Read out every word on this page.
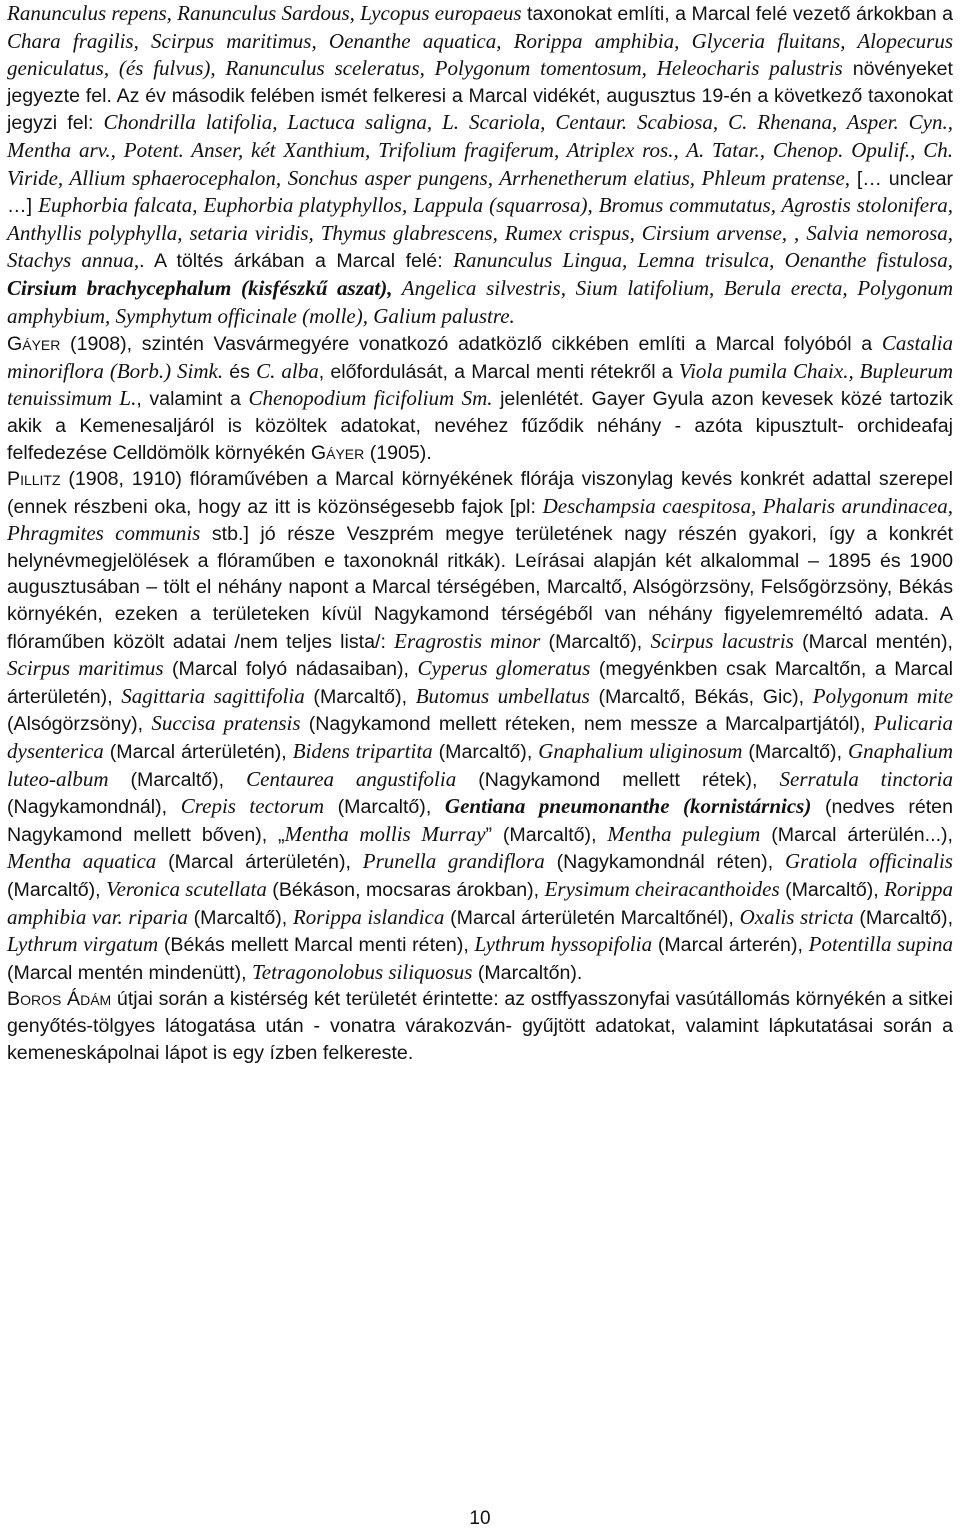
Ranunculus repens, Ranunculus Sardous, Lycopus europaeus taxonokat említi, a Marcal felé vezető árkokban a Chara fragilis, Scirpus maritimus, Oenanthe aquatica, Rorippa amphibia, Glyceria fluitans, Alopecurus geniculatus, (és fulvus), Ranunculus sceleratus, Polygonum tomentosum, Heleocharis palustris növényeket jegyezte fel. Az év második felében ismét felkeresi a Marcal vidékét, augusztus 19-én a következő taxonokat jegyzi fel: Chondrilla latifolia, Lactuca saligna, L. Scariola, Centaur. Scabiosa, C. Rhenana, Asper. Cyn., Mentha arv., Potent. Anser, két Xanthium, Trifolium fragiferum, Atriplex ros., A. Tatar., Chenop. Opulif., Ch. Viride, Allium sphaerocephalon, Sonchus asper pungens, Arrhenetherum elatius, Phleum pratense, [… unclear …] Euphorbia falcata, Euphorbia platyphyllos, Lappula (squarrosa), Bromus commutatus, Agrostis stolonifera, Anthyllis polyphylla, setaria viridis, Thymus glabrescens, Rumex crispus, Cirsium arvense, , Salvia nemorosa, Stachys annua,. A töltés árkában a Marcal felé: Ranunculus Lingua, Lemna trisulca, Oenanthe fistulosa, Cirsium brachycephalum (kisfészkű aszat), Angelica silvestris, Sium latifolium, Berula erecta, Polygonum amphybium, Symphytum officinale (molle), Galium palustre.

Gáyer (1908), szintén Vasvármegyére vonatkozó adatközlő cikkében említi a Marcal folyóból a Castalia minoriflora (Borb.) Simk. és C. alba, előfordulását, a Marcal menti rétekről a Viola pumila Chaix., Bupleurum tenuissimum L., valamint a Chenopodium ficifolium Sm. jelenlétét. Gayer Gyula azon kevesek közé tartozik akik a Kemenesaljáról is közöltek adatokat, nevéhez fűződik néhány - azóta kipusztult- orchideafaj felfedezése Celldömölk környékén Gáyer (1905).

Pillitz (1908, 1910) flóraművében a Marcal környékének flórája viszonylag kevés konkrét adattal szerepel (ennek részbeni oka, hogy az itt is közönségesebb fajok [pl: Deschampsia caespitosa, Phalaris arundinacea, Phragmites communis stb.] jó része Veszprém megye területének nagy részén gyakori, így a konkrét helynévmegjelölések a flóraműben e taxonoknál ritkák). Leírásai alapján két alkalommal – 1895 és 1900 augusztusában – tölt el néhány napont a Marcal térségében, Marcaltő, Alsógörzsöny, Felsőgörzsöny, Békás környékén, ezeken a területeken kívül Nagykamond térségéből van néhány figyelemreméltó adata. A flóraműben közölt adatai /nem teljes lista/: Eragrostis minor (Marcaltő), Scirpus lacustris (Marcal mentén), Scirpus maritimus (Marcal folyó nádasaiban), Cyperus glomeratus (megyénkben csak Marcaltőn, a Marcal árterületén), Sagittaria sagittifolia (Marcaltő), Butomus umbellatus (Marcaltő, Békás, Gic), Polygonum mite (Alsógörzsöny), Succisa pratensis (Nagykamond mellett réteken, nem messze a Marcalpartjától), Pulicaria dysenterica (Marcal árterületén), Bidens tripartita (Marcaltő), Gnaphalium uliginosum (Marcaltő), Gnaphalium luteo-album (Marcaltő), Centaurea angustifolia (Nagykamond mellett rétek), Serratula tinctoria (Nagykamondnál), Crepis tectorum (Marcaltő), Gentiana pneumonanthe (kornistárnics) (nedves réten Nagykamond mellett bőven), „Mentha mollis Murray” (Marcaltő), Mentha pulegium (Marcal árterülén...), Mentha aquatica (Marcal árterületén), Prunella grandiflora (Nagykamondnál réten), Gratiola officinalis (Marcaltő), Veronica scutellata (Békáson, mocsaras árokban), Erysimum cheiracanthoides (Marcaltő), Rorippa amphibia var. riparia (Marcaltő), Rorippa islandica (Marcal árterületén Marcaltőnél), Oxalis stricta (Marcaltő), Lythrum virgatum (Békás mellett Marcal menti réten), Lythrum hyssopifolia (Marcal árterén), Potentilla supina (Marcal mentén mindenütt), Tetragonolobus siliquosus (Marcaltőn).

Boros Ádám útjai során a kistérség két területét érintette: az ostffyasszonyfai vasútállomás környékén a sitkei genyőtés-tölgyes látogatása után - vonatra várakozván- gyűjtött adatokat, valamint lápkutatásai során a kemeneskápolnai lápot is egy ízben felkereste.

10
